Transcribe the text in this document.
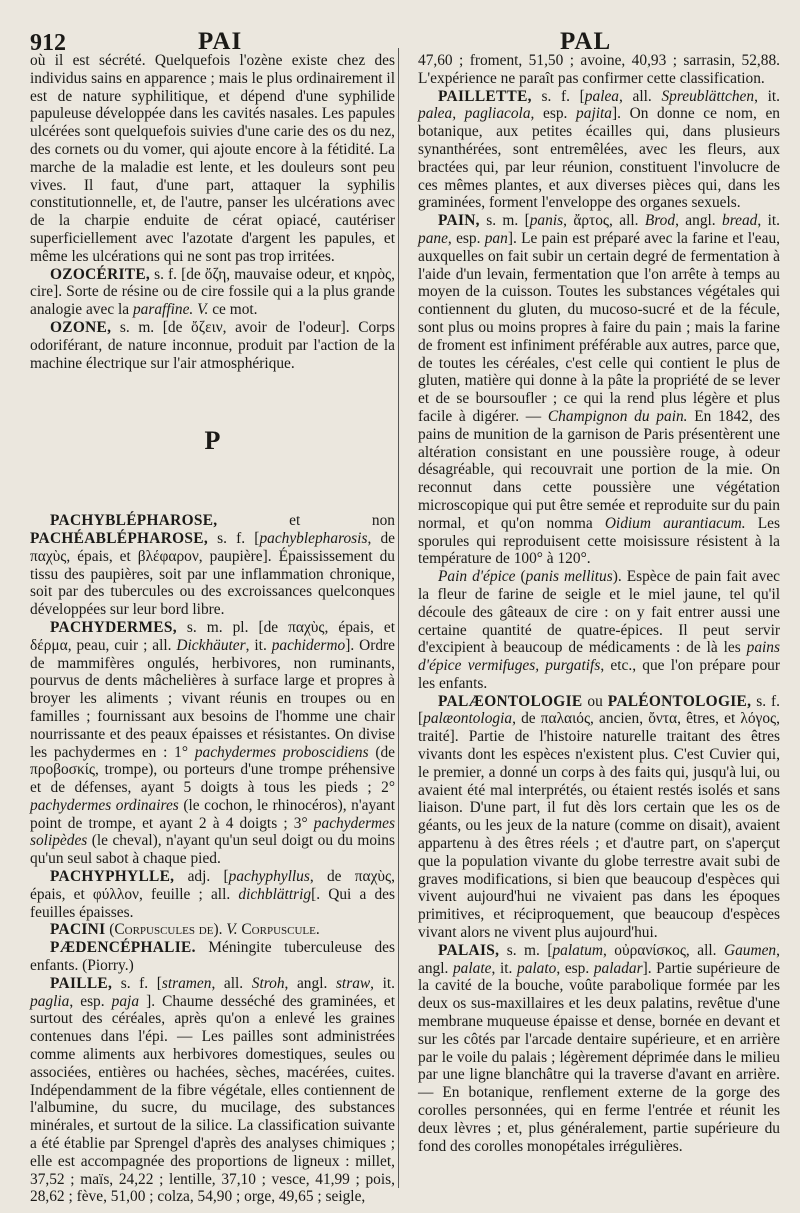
912	PAI	PAL

où il est sécrété. Quelquefois l'ozène existe chez des individus sains en apparence ; mais le plus ordinairement il est de nature syphilitique, et dépend d'une syphilide papuleuse développée dans les cavités nasales. Les papules ulcérées sont quelquefois suivies d'une carie des os du nez, des cornets ou du vomer, qui ajoute encore à la fétidité. La marche de la maladie est lente, et les douleurs sont peu vives. Il faut, d'une part, attaquer la syphilis constitutionnelle, et, de l'autre, panser les ulcérations avec de la charpie enduite de cérat opiacé, cautériser superficiellement avec l'azotate d'argent les papules, et même les ulcérations qui ne sont pas trop irritées.

OZOCÉRITE, s. f. [de ὄζη, mauvaise odeur, et κηρὸς, cire]. Sorte de résine ou de cire fossile qui a la plus grande analogie avec la paraffine. V. ce mot.

OZONE, s. m. [de ὄζειν, avoir de l'odeur]. Corps odoriférant, de nature inconnue, produit par l'action de la machine électrique sur l'air atmosphérique.

P

PACHYBLÉPHAROSE, et non PACHÉABLÉPHAROSE, s. f. [pachyblepharosis, de παχὺς, épais, et βλέφαρον, paupière]. Épaississement du tissu des paupières, soit par une inflammation chronique, soit par des tubercules ou des excroissances quelconques développées sur leur bord libre.

PACHYDERMES, s. m. pl. [de παχὺς, épais, et δέρμα, peau, cuir ; all. Dickhäuter, it. pachidermo]. Ordre de mammifères ongulés, herbivores, non ruminants, pourvus de dents mâchelières à surface large et propres à broyer les aliments ; vivant réunis en troupes ou en familles ; fournissant aux besoins de l'homme une chair nourrissante et des peaux épaisses et résistantes. On divise les pachydermes en : 1° pachydermes proboscidiens (de προβοσκίς, trompe), ou porteurs d'une trompe préhensive et de défenses, ayant 5 doigts à tous les pieds ; 2° pachydermes ordinaires (le cochon, le rhinocéros), n'ayant point de trompe, et ayant 2 à 4 doigts ; 3° pachydermes solipèdes (le cheval), n'ayant qu'un seul doigt ou du moins qu'un seul sabot à chaque pied.

PACHYPHYLLE, adj. [pachyphyllus, de παχὺς, épais, et φύλλον, feuille ; all. dichblättrig[. Qui a des feuilles épaisses.

PACINI (Corpuscules de). V. Corpuscule.

PÆDENCÉPHALIE. Méningite tuberculeuse des enfants. (Piorry.)

PAILLE, s. f. [stramen, all. Stroh, angl. straw, it. paglia, esp. paja ]. Chaume desséché des graminées, et surtout des céréales, après qu'on a enlevé les graines contenues dans l'épi. — Les pailles sont administrées comme aliments aux herbivores domestiques, seules ou associées, entières ou hachées, sèches, macérées, cuites. Indépendamment de la fibre végétale, elles contiennent de l'albumine, du sucre, du mucilage, des substances minérales, et surtout de la silice. La classification suivante a été établie par Sprengel d'après des analyses chimiques ; elle est accompagnée des proportions de ligneux : millet, 37,52 ; maïs, 24,22 ; lentille, 37,10 ; vesce, 41,99 ; pois, 28,62 ; fève, 51,00 ; colza, 54,90 ; orge, 49,65 ; seigle,

47,60 ; froment, 51,50 ; avoine, 40,93 ; sarrasin, 52,88. L'expérience ne paraît pas confirmer cette classification.

PAILLETTE, s. f. [palea, all. Spreublättchen, it. palea, pagliacola, esp. pajita]. On donne ce nom, en botanique, aux petites écailles qui, dans plusieurs synanthérées, sont entremêlées, avec les fleurs, aux bractées qui, par leur réunion, constituent l'involucre de ces mêmes plantes, et aux diverses pièces qui, dans les graminées, forment l'enveloppe des organes sexuels.

PAIN, s. m. [panis, ἄρτος, all. Brod, angl. bread, it. pane, esp. pan]. Le pain est préparé avec la farine et l'eau, auxquelles on fait subir un certain degré de fermentation à l'aide d'un levain, fermentation que l'on arrête à temps au moyen de la cuisson. Toutes les substances végétales qui contiennent du gluten, du mucoso-sucré et de la fécule, sont plus ou moins propres à faire du pain ; mais la farine de froment est infiniment préférable aux autres, parce que, de toutes les céréales, c'est celle qui contient le plus de gluten, matière qui donne à la pâte la propriété de se lever et de se boursoufler ; ce qui la rend plus légère et plus facile à digérer. — Champignon du pain. En 1842, des pains de munition de la garnison de Paris présentèrent une altération consistant en une poussière rouge, à odeur désagréable, qui recouvrait une portion de la mie. On reconnut dans cette poussière une végétation microscopique qui put être semée et reproduite sur du pain normal, et qu'on nomma Oidium aurantiacum. Les sporules qui reproduisent cette moisissure résistent à la température de 100° à 120°.

Pain d'épice (panis mellitus). Espèce de pain fait avec la fleur de farine de seigle et le miel jaune, tel qu'il découle des gâteaux de cire : on y fait entrer aussi une certaine quantité de quatre-épices. Il peut servir d'excipient à beaucoup de médicaments : de là les pains d'épice vermifuges, purgatifs, etc., que l'on prépare pour les enfants.

PALÆONTOLOGIE ou PALÉONTOLOGIE, s. f. [palæontologia, de παλαιός, ancien, ὄντα, êtres, et λόγος, traité]. Partie de l'histoire naturelle traitant des êtres vivants dont les espèces n'existent plus. C'est Cuvier qui, le premier, a donné un corps à des faits qui, jusqu'à lui, ou avaient été mal interprétés, ou étaient restés isolés et sans liaison. D'une part, il fut dès lors certain que les os de géants, ou les jeux de la nature (comme on disait), avaient appartenu à des êtres réels ; et d'autre part, on s'aperçut que la population vivante du globe terrestre avait subi de graves modifications, si bien que beaucoup d'espèces qui vivent aujourd'hui ne vivaient pas dans les époques primitives, et réciproquement, que beaucoup d'espèces vivant alors ne vivent plus aujourd'hui.

PALAIS, s. m. [palatum, οὐρανίσκος, all. Gaumen, angl. palate, it. palato, esp. paladar]. Partie supérieure de la cavité de la bouche, voûte parabolique formée par les deux os sus-maxillaires et les deux palatins, revêtue d'une membrane muqueuse épaisse et dense, bornée en devant et sur les côtés par l'arcade dentaire supérieure, et en arrière par le voile du palais ; légèrement déprimée dans le milieu par une ligne blanchâtre qui la traverse d'avant en arrière. — En botanique, renflement externe de la gorge des corolles personnées, qui en ferme l'entrée et réunit les deux lèvres ; et, plus généralement, partie supérieure du fond des corolles monopétales irrégulières.
